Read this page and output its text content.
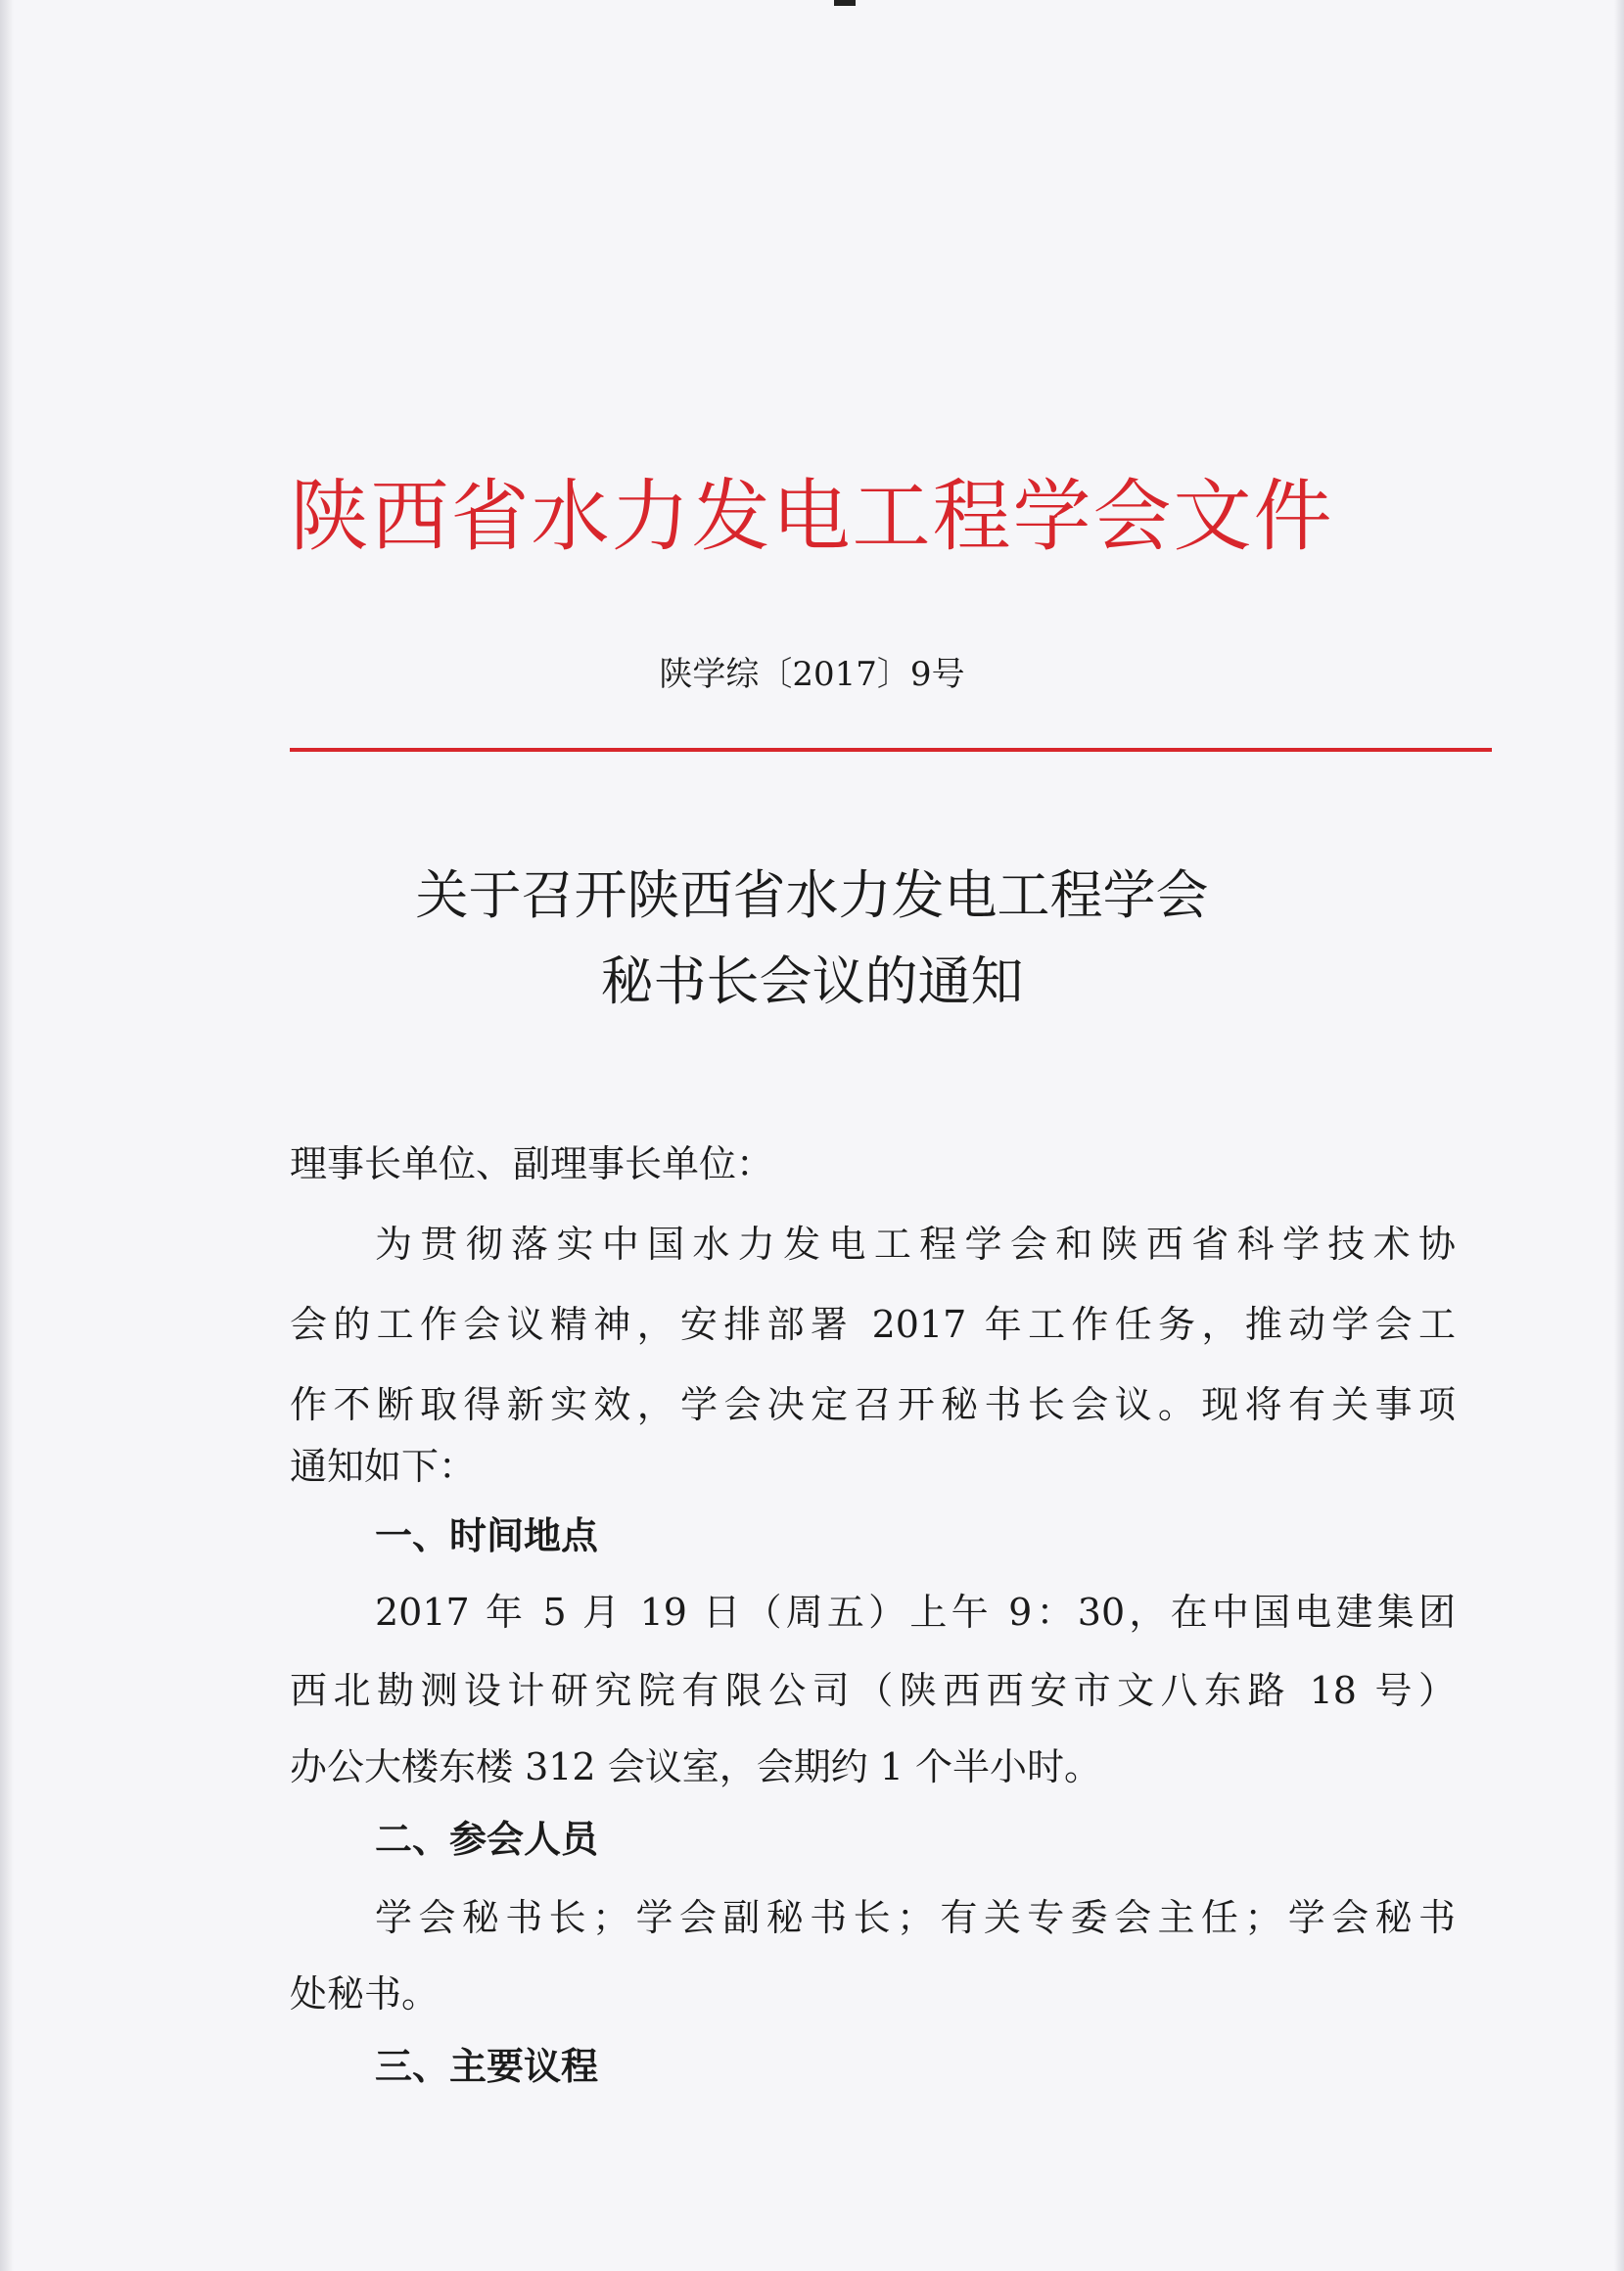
陕西省水力发电工程学会文件
陕学综〔2017〕9号
关于召开陕西省水力发电工程学会
秘书长会议的通知
理事长单位、副理事长单位：
为贯彻落实中国水力发电工程学会和陕西省科学技术协
会的工作会议精神，安排部署 2017 年工作任务，推动学会工
作不断取得新实效，学会决定召开秘书长会议。现将有关事项
通知如下：
一、时间地点
2017 年 5 月 19 日（周五）上午 9：30，在中国电建集团
西北勘测设计研究院有限公司（陕西西安市文八东路 18 号）
办公大楼东楼 312 会议室，会期约 1 个半小时。
二、参会人员
学会秘书长；学会副秘书长；有关专委会主任；学会秘书
处秘书。
三、主要议程
